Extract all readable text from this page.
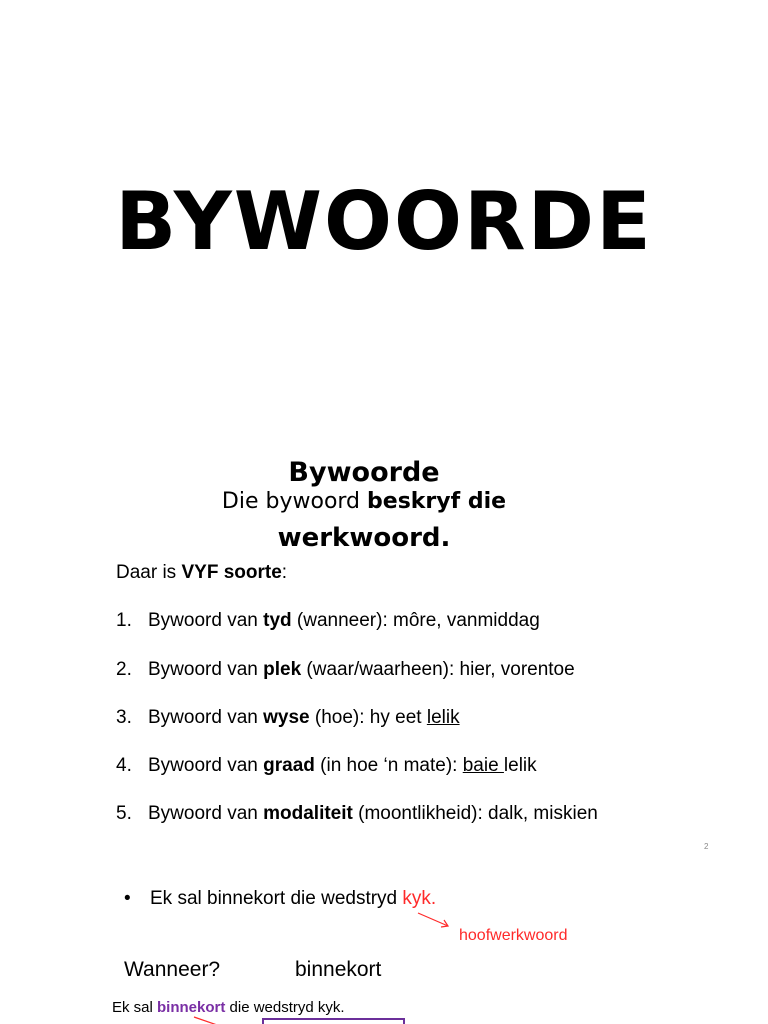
BYWOORDE
Bywoorde
Die bywoord beskryf die
werkwoord.
Daar is VYF soorte:
1. Bywoord van tyd (wanneer): môre, vanmiddag
2. Bywoord van plek (waar/waarheen): hier, vorentoe
3. Bywoord van wyse (hoe): hy eet lelik
4. Bywoord van graad (in hoe ‘n mate): baie lelik
5. Bywoord van modaliteit (moontlikheid): dalk, miskien
2
• Ek sal binnekort die wedstryd kyk.
hoofwerkwoord
Wanneer?	binnekort
Ek sal binnekort die wedstryd kyk.
